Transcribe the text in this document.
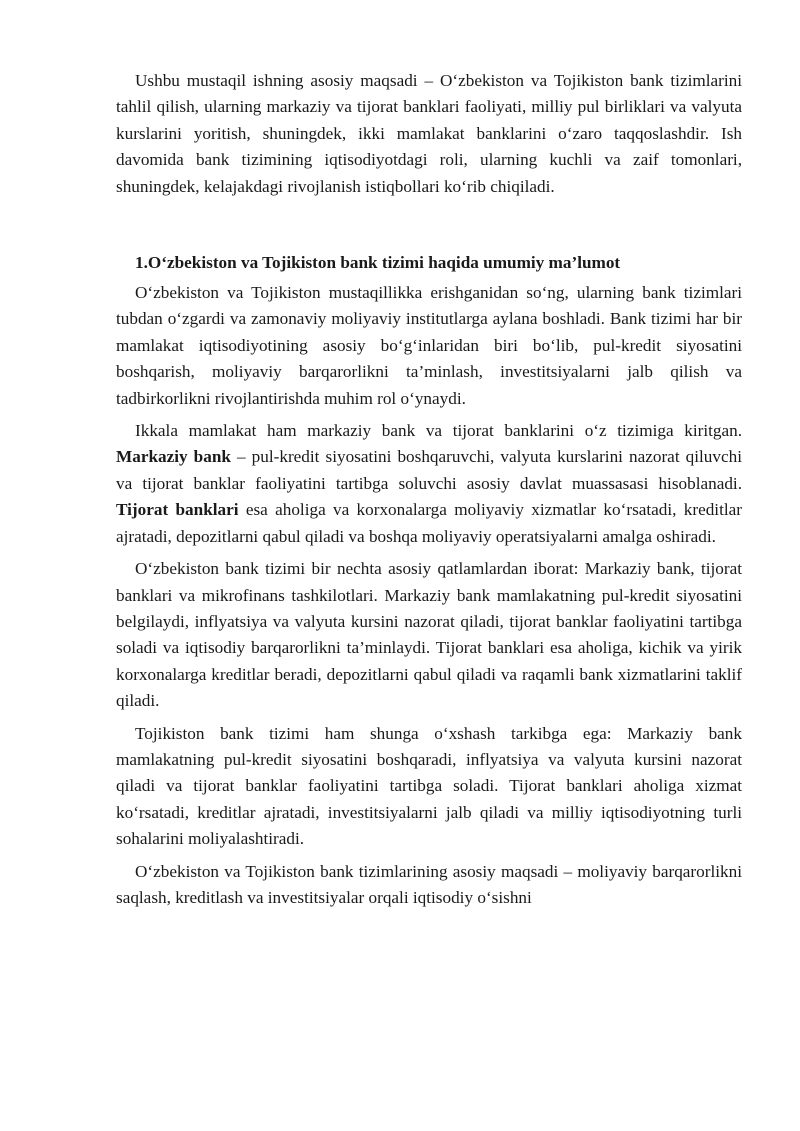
Ushbu mustaqil ishning asosiy maqsadi – O‘zbekiston va Tojikiston bank tizimlarini tahlil qilish, ularning markaziy va tijorat banklari faoliyati, milliy pul birliklari va valyuta kurslarini yoritish, shuningdek, ikki mamlakat banklarini o‘zaro taqqoslashdir. Ish davomida bank tizimining iqtisodiyotdagi roli, ularning kuchli va zaif tomonlari, shuningdek, kelajakdagi rivojlanish istiqbollari ko‘rib chiqiladi.

1.O‘zbekiston va Tojikiston bank tizimi haqida umumiy ma’lumot

O‘zbekiston va Tojikiston mustaqillikka erishganidan so‘ng, ularning bank tizimlari tubdan o‘zgardi va zamonaviy moliyaviy institutlarga aylana boshladi. Bank tizimi har bir mamlakat iqtisodiyotining asosiy bo‘g‘inlaridan biri bo‘lib, pul-kredit siyosatini boshqarish, moliyaviy barqarorlikni ta’minlash, investitsiyalarni jalb qilish va tadbirkorlikni rivojlantirishda muhim rol o‘ynaydi.

Ikkala mamlakat ham markaziy bank va tijorat banklarini o‘z tizimiga kiritgan. Markaziy bank – pul-kredit siyosatini boshqaruvchi, valyuta kurslarini nazorat qiluvchi va tijorat banklar faoliyatini tartibga soluvchi asosiy davlat muassasasi hisoblanadi. Tijorat banklari esa aholiga va korxonalarga moliyaviy xizmatlar ko‘rsatadi, kreditlar ajratadi, depozitlarni qabul qiladi va boshqa moliyaviy operatsiyalarni amalga oshiradi.

O‘zbekiston bank tizimi bir nechta asosiy qatlamlardan iborat: Markaziy bank, tijorat banklari va mikrofinans tashkilotlari. Markaziy bank mamlakatning pul-kredit siyosatini belgilaydi, inflyatsiya va valyuta kursini nazorat qiladi, tijorat banklar faoliyatini tartibga soladi va iqtisodiy barqarorlikni ta’minlaydi. Tijorat banklari esa aholiga, kichik va yirik korxonalarga kreditlar beradi, depozitlarni qabul qiladi va raqamli bank xizmatlarini taklif qiladi.

Tojikiston bank tizimi ham shunga o‘xshash tarkibga ega: Markaziy bank mamlakatning pul-kredit siyosatini boshqaradi, inflyatsiya va valyuta kursini nazorat qiladi va tijorat banklar faoliyatini tartibga soladi. Tijorat banklari aholiga xizmat ko‘rsatadi, kreditlar ajratadi, investitsiyalarni jalb qiladi va milliy iqtisodiyotning turli sohalarini moliyalashtiradi.

O‘zbekiston va Tojikiston bank tizimlarining asosiy maqsadi – moliyaviy barqarorlikni saqlash, kreditlash va investitsiyalar orqali iqtisodiy o‘sishni
